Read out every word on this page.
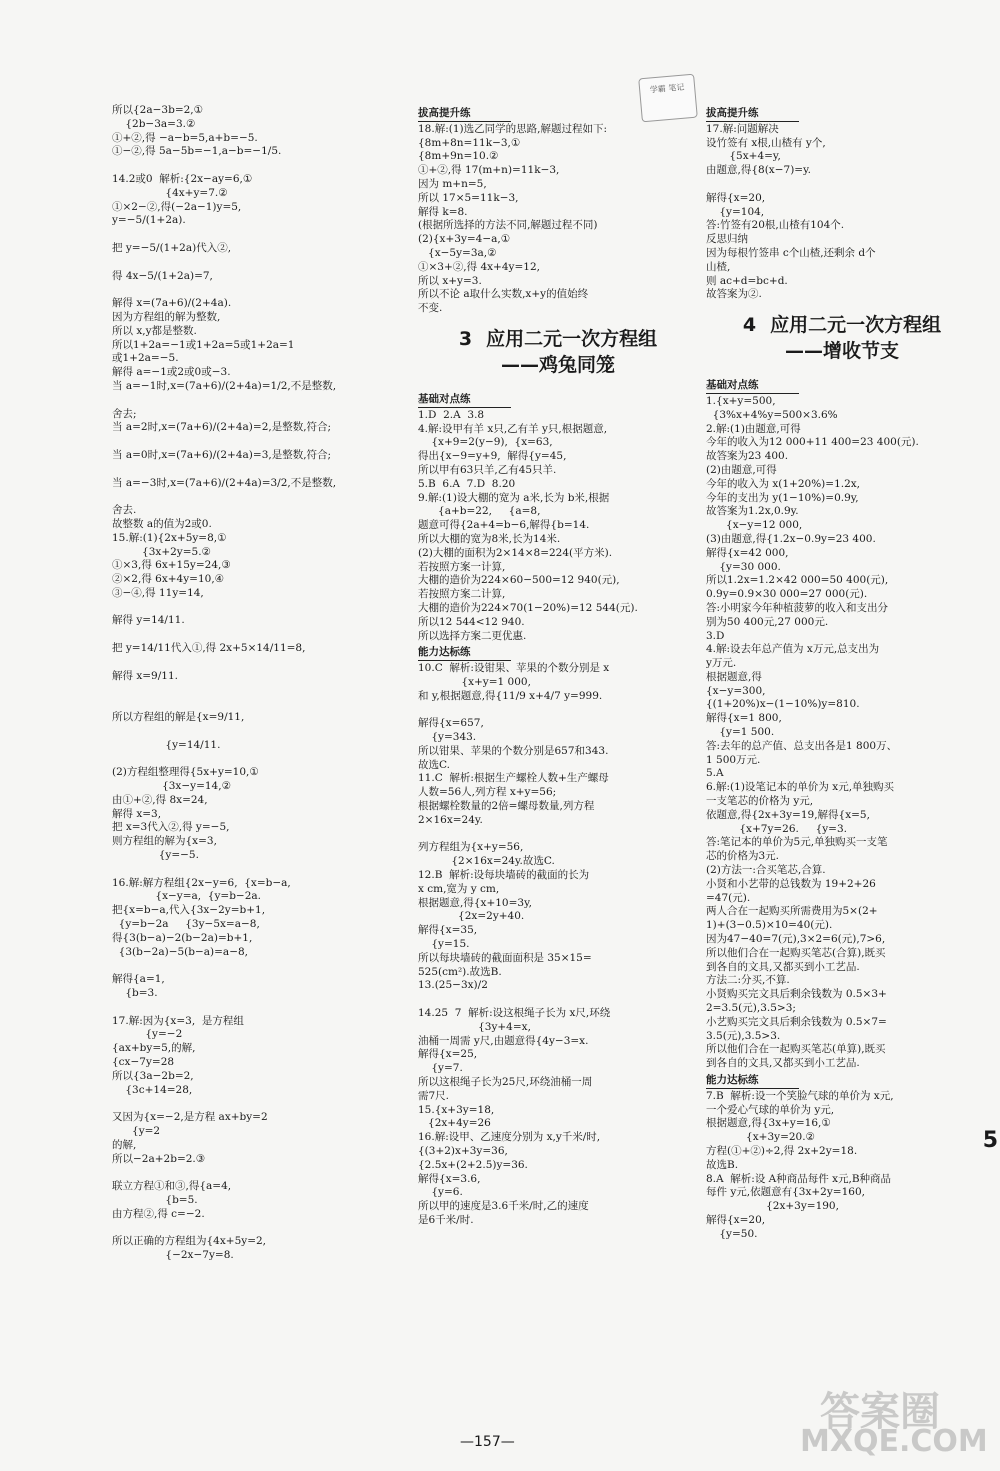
学霸 笔记
所以{2a−3b=2,①
{2b−3a=3.②
①+②,得 −a−b=5,a+b=−5.
①−②,得 5a−5b=−1,a−b=−1/5.

14.2或0  解析:{2x−ay=6,①
{4x+y=7.②
①×2−②,得(−2a−1)y=5,
y=−5/(1+2a).

把 y=−5/(1+2a)代入②,

得 4x−5/(1+2a)=7,

解得 x=(7a+6)/(2+4a).
因为方程组的解为整数,
所以 x,y都是整数.
所以1+2a=−1或1+2a=5或1+2a=1
或1+2a=−5.
解得 a=−1或2或0或−3.
当 a=−1时,x=(7a+6)/(2+4a)=1/2,不是整数,

舍去;
当 a=2时,x=(7a+6)/(2+4a)=2,是整数,符合;

当 a=0时,x=(7a+6)/(2+4a)=3,是整数,符合;

当 a=−3时,x=(7a+6)/(2+4a)=3/2,不是整数,

舍去.
故整数 a的值为2或0.
15.解:(1){2x+5y=8,①
{3x+2y=5.②
①×3,得 6x+15y=24,③
②×2,得 6x+4y=10,④
③−④,得 11y=14,

解得 y=14/11.

把 y=14/11代入①,得 2x+5×14/11=8,

解得 x=9/11.

所以方程组的解是{x=9/11,

{y=14/11.

(2)方程组整理得{5x+y=10,①
{3x−y=14,②
由①+②,得 8x=24,
解得 x=3,
把 x=3代入②,得 y=−5,
则方程组的解为{x=3,
{y=−5.

16.解:解方程组{2x−y=6,  {x=b−a,
{x−y=a,  {y=b−2a.
把{x=b−a,代入{3x−2y=b+1,
{y=b−2a     {3y−5x=a−8,
得{3(b−a)−2(b−2a)=b+1,
{3(b−2a)−5(b−a)=a−8,

解得{a=1,
{b=3.

17.解:因为{x=3,  是方程组
{y=−2
{ax+by=5,的解,
{cx−7y=28
所以{3a−2b=2,
{3c+14=28,

又因为{x=−2,是方程 ax+by=2
{y=2
的解,
所以−2a+2b=2.③

联立方程①和③,得{a=4,
{b=5.
由方程②,得 c=−2.

所以正确的方程组为{4x+5y=2,
{−2x−7y=8.
拔高提升练

18.解:(1)选乙同学的思路,解题过程如下:
{8m+8n=11k−3,①
{8m+9n=10.②
①+②,得 17(m+n)=11k−3,
因为 m+n=5,
所以 17×5=11k−3,
解得 k=8.
(根据所选择的方法不同,解题过程不同)
(2){x+3y=4−a,①
{x−5y=3a,②
①×3+②,得 4x+4y=12,
所以 x+y=3.
所以不论 a取什么实数,x+y的值始终
不变.
3 应用二元一次方程组
——鸡兔同笼
基础对点练

1.D  2.A  3.8
4.解:设甲有羊 x只,乙有羊 y只,根据题意,
{x+9=2(y−9),  {x=63,
得出{x−9=y+9,  解得{y=45,
所以甲有63只羊,乙有45只羊.
5.B  6.A  7.D  8.20
9.解:(1)设大棚的宽为 a米,长为 b米,根据
{a+b=22,     {a=8,
题意可得{2a+4=b−6,解得{b=14.
所以大棚的宽为8米,长为14米.
(2)大棚的面积为2×14×8=224(平方米).
若按照方案一计算,
大棚的造价为224×60−500=12 940(元),
若按照方案二计算,
大棚的造价为224×70(1−20%)=12 544(元).
所以12 544<12 940.
所以选择方案二更优惠.
能力达标练

10.C  解析:设钳果、苹果的个数分别是 x
{x+y=1 000,
和 y,根据题意,得{11/9 x+4/7 y=999.

解得{x=657,
{y=343.
所以钳果、苹果的个数分别是657和343.
故选C.
11.C  解析:根据生产螺栓人数+生产螺母
人数=56人,列方程 x+y=56;
根据螺栓数量的2倍=螺母数量,列方程
2×16x=24y.

列方程组为{x+y=56,
{2×16x=24y.故选C.
12.B  解析:设每块墙砖的截面的长为
x cm,宽为 y cm,
根据题意,得{x+10=3y,
{2x=2y+40.
解得{x=35,
{y=15.
所以每块墙砖的截面面积是 35×15=
525(cm²).故选B.
13.(25−3x)/2

14.25  7  解析:设这根绳子长为 x尺,环绕
{3y+4=x,
油桶一周需 y尺,由题意得{4y−3=x.
解得{x=25,
{y=7.
所以这根绳子长为25尺,环绕油桶一周
需7尺.
15.{x+3y=18,
{2x+4y=26
16.解:设甲、乙速度分别为 x,y千米/时,
{(3+2)x+3y=36,
{2.5x+(2+2.5)y=36.
解得{x=3.6,
{y=6.
所以甲的速度是3.6千米/时,乙的速度
是6千米/时.
拔高提升练

17.解:问题解决
设竹签有 x根,山楂有 y个,
{5x+4=y,
由题意,得{8(x−7)=y.

解得{x=20,
{y=104,
答:竹签有20根,山楂有104个.
反思归纳
因为每根竹签串 c个山楂,还剩余 d个
山楂,
则 ac+d=bc+d.
故答案为②.
4 应用二元一次方程组
——增收节支
基础对点练

1.{x+y=500,
{3%x+4%y=500×3.6%
2.解:(1)由题意,可得
今年的收入为12 000+11 400=23 400(元).
故答案为23 400.
(2)由题意,可得
今年的收入为 x(1+20%)=1.2x,
今年的支出为 y(1−10%)=0.9y,
故答案为1.2x,0.9y.
{x−y=12 000,
(3)由题意,得{1.2x−0.9y=23 400.
解得{x=42 000,
{y=30 000.
所以1.2x=1.2×42 000=50 400(元),
0.9y=0.9×30 000=27 000(元).
答:小明家今年种植菠萝的收入和支出分
别为50 400元,27 000元.
3.D
4.解:设去年总产值为 x万元,总支出为
y万元.
根据题意,得
{x−y=300,
{(1+20%)x−(1−10%)y=810.
解得{x=1 800,
{y=1 500.
答:去年的总产值、总支出各是1 800万、
1 500万元.
5.A
6.解:(1)设笔记本的单价为 x元,单独购买
一支笔芯的价格为 y元,
依题意,得{2x+3y=19,解得{x=5,
{x+7y=26.     {y=3.
答:笔记本的单价为5元,单独购买一支笔
芯的价格为3元.
(2)方法一:合买笔芯,合算.
小贤和小艺带的总钱数为 19+2+26
=47(元).
两人合在一起购买所需费用为5×(2+
1)+(3−0.5)×10=40(元).
因为47−40=7(元),3×2=6(元),7>6,
所以他们合在一起购买笔芯(合算),既买
到各自的文具,又都买到小工艺品.
方法二:分买,不算.
小贤购买完文具后剩余钱数为 0.5×3+
2=3.5(元),3.5>3;
小艺购买完文具后剩余钱数为 0.5×7=
3.5(元),3.5>3.
所以他们合在一起购买笔芯(单算),既买
到各自的文具,又都买到小工艺品.
能力达标练

7.B  解析:设一个笑脸气球的单价为 x元,
一个爱心气球的单价为 y元,
根据题意,得{3x+y=16,①
{x+3y=20.②
方程(①+②)÷2,得 2x+2y=18.
故选B.
8.A  解析:设 A种商品每件 x元,B种商品
每件 y元,依题意有{3x+2y=160,
{2x+3y=190,
解得{x=20,
{y=50.
—157—
5
答案圈
MXQE.COM
